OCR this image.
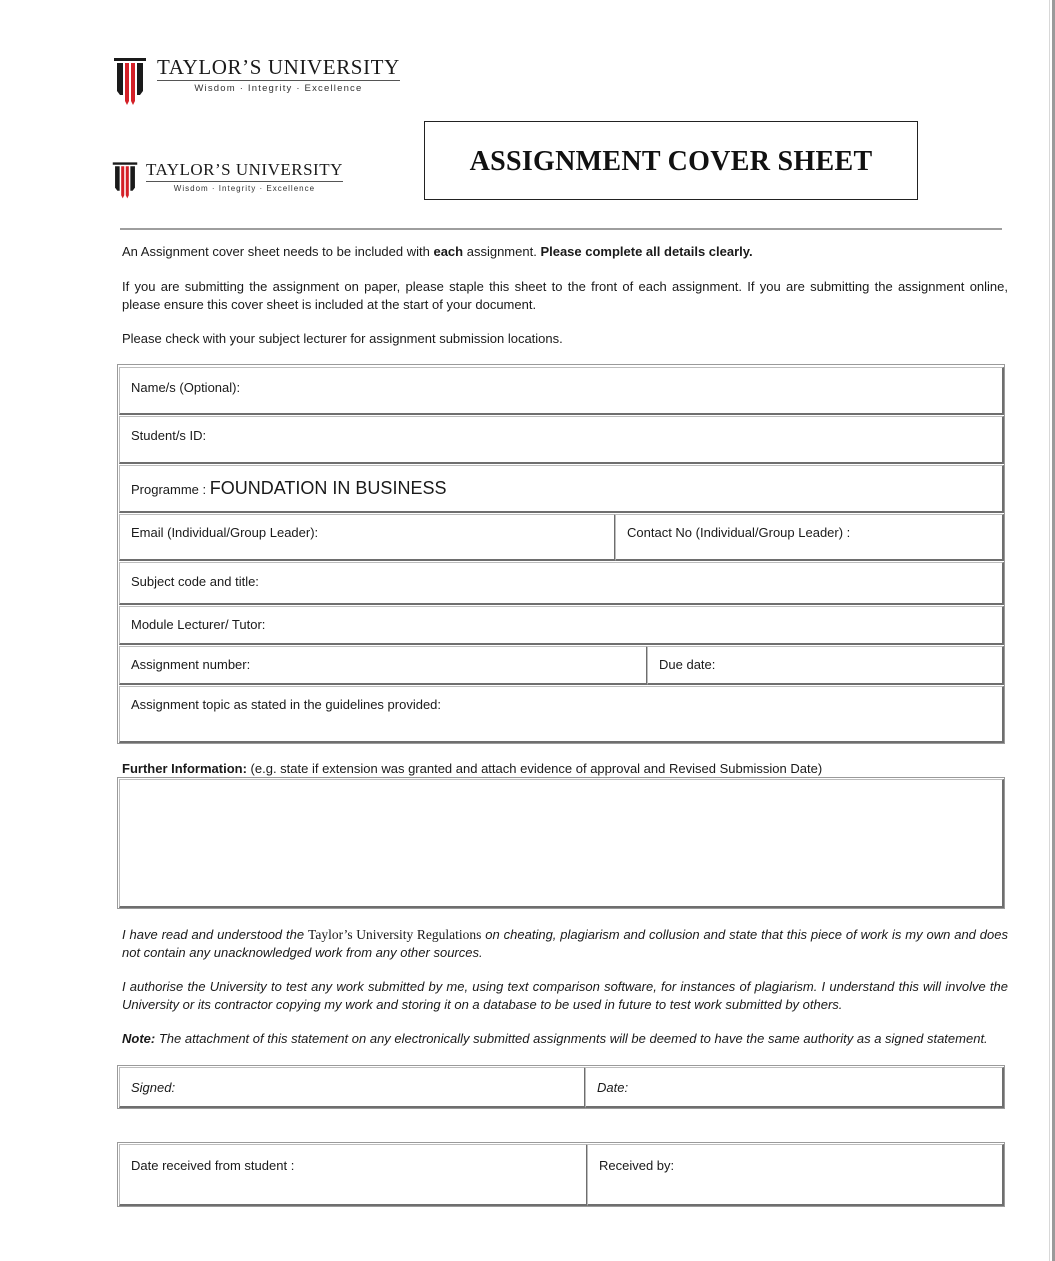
TAYLOR’S UNIVERSITY
Wisdom · Integrity · Excellence
TAYLOR’S UNIVERSITY
Wisdom · Integrity · Excellence
ASSIGNMENT COVER SHEET

An Assignment cover sheet needs to be included with each assignment. Please complete all details clearly.

If you are submitting the assignment on paper, please staple this sheet to the front of each assignment. If you are submitting the assignment online, please ensure this cover sheet is included at the start of your document.

Please check with your subject lecturer for assignment submission locations.

Name/s (Optional):
Student/s ID:
Programme : FOUNDATION IN BUSINESS
Email (Individual/Group Leader):	Contact No (Individual/Group Leader) :
Subject code and title:
Module Lecturer/ Tutor:
Assignment number:	Due date:
Assignment topic as stated in the guidelines provided:

Further Information: (e.g. state if extension was granted and attach evidence of approval and Revised Submission Date)

I have read and understood the Taylor’s University Regulations on cheating, plagiarism and collusion and state that this piece of work is my own and does not contain any unacknowledged work from any other sources.

I authorise the University to test any work submitted by me, using text comparison software, for instances of plagiarism. I understand this will involve the University or its contractor copying my work and storing it on a database to be used in future to test work submitted by others.

Note: The attachment of this statement on any electronically submitted assignments will be deemed to have the same authority as a signed statement.

Signed:	Date:
Date received from student :	Received by:
